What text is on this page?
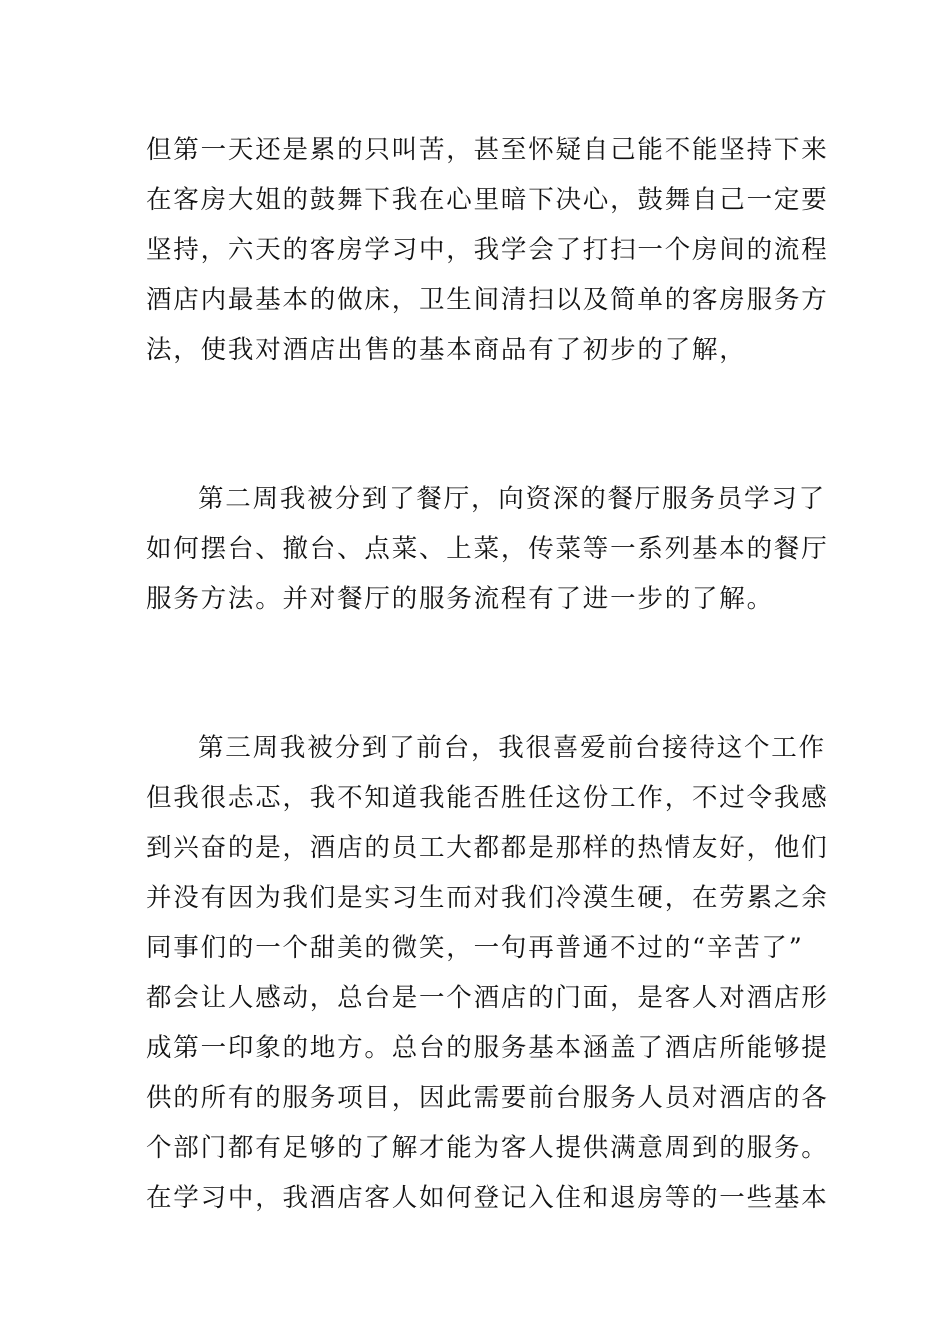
但第一天还是累的只叫苦，甚至怀疑自己能不能坚持下来
在客房大姐的鼓舞下我在心里暗下决心，鼓舞自己一定要
坚持，六天的客房学习中，我学会了打扫一个房间的流程
酒店内最基本的做床，卫生间清扫以及简单的客房服务方
法，使我对酒店出售的基本商品有了初步的了解，
第二周我被分到了餐厅，向资深的餐厅服务员学习了
如何摆台、撤台、点菜、上菜，传菜等一系列基本的餐厅
服务方法。并对餐厅的服务流程有了进一步的了解。
第三周我被分到了前台，我很喜爱前台接待这个工作
但我很忐忑，我不知道我能否胜任这份工作，不过令我感
到兴奋的是，酒店的员工大都都是那样的热情友好，他们
并没有因为我们是实习生而对我们冷漠生硬，在劳累之余
同事们的一个甜美的微笑，一句再普通不过的“辛苦了”
都会让人感动，总台是一个酒店的门面，是客人对酒店形
成第一印象的地方。总台的服务基本涵盖了酒店所能够提
供的所有的服务项目，因此需要前台服务人员对酒店的各
个部门都有足够的了解才能为客人提供满意周到的服务。
在学习中，我酒店客人如何登记入住和退房等的一些基本
